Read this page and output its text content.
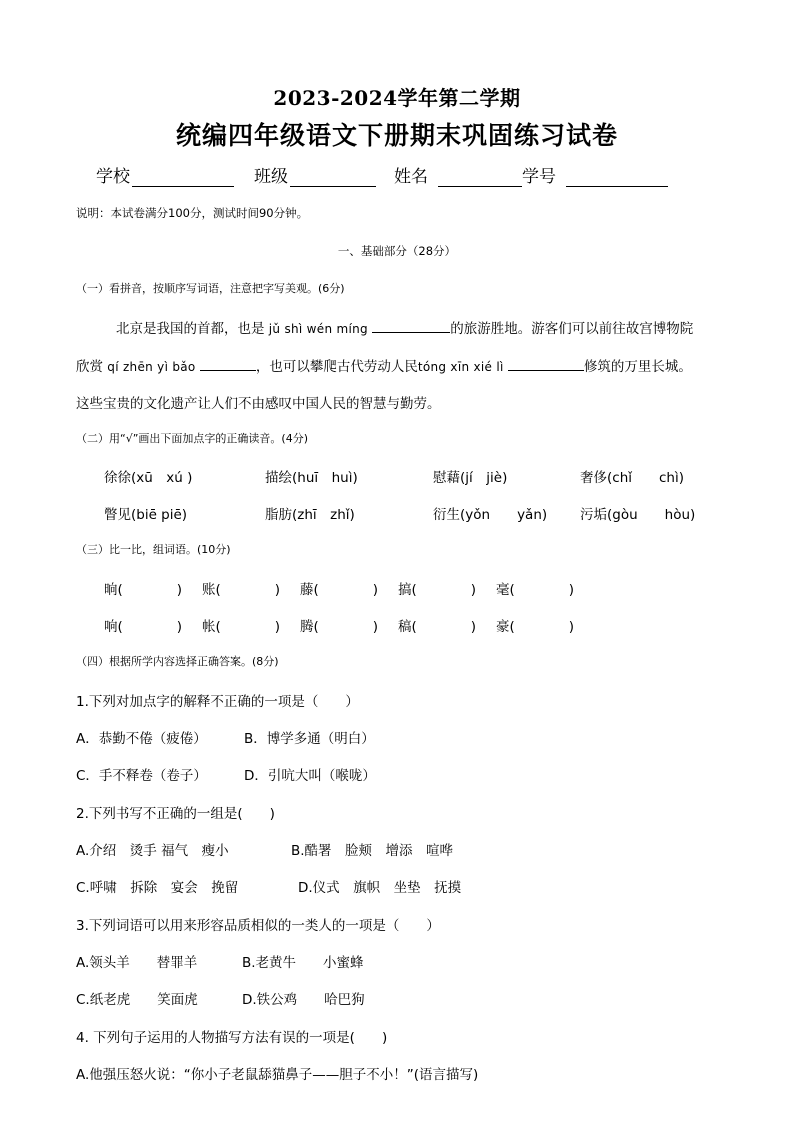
2023-2024学年第二学期
统编四年级语文下册期末巩固练习试卷
学校	班级	姓名	学号
说明：本试卷满分100分，测试时间90分钟。
一、基础部分（28分）
（一）看拼音，按顺序写词语，注意把字写美观。(6分)
北京是我国的首都，也是 jǔ shì wén míng	的旅游胜地。游客们可以前往故宫博物院
欣赏 qí zhēn yì bǎo	，也可以攀爬古代劳动人民tóng xīn xié lì	修筑的万里长城。
这些宝贵的文化遗产让人们不由感叹中国人民的智慧与勤劳。
（二）用“√”画出下面加点字的正确读音。(4分)
徐徐(xū　xú )	描绘(huī　huì)	慰藉(jí　jiè)	奢侈(chǐ　　chì)
瞥见(biē piē)	脂肪(zhī　zhǐ)	衍生(yǒn　　yǎn) 污垢(gòu　　hòu)
（三）比一比，组词语。(10分)
晌(　　　　) 账(　　　　) 藤(　　　　) 搞(　　　　) 毫(　　　　)
响(　　　　) 帐(　　　　) 腾(　　　　) 稿(　　　　) 豪(　　　　)
（四）根据所学内容选择正确答案。(8分)
1.下列对加点字的解释不正确的一项是（　　）
A．恭勤不倦（疲倦）	B．博学多通（明白）
C．手不释卷（卷子）	D．引吭大叫（喉咙）
2.下列书写不正确的一组是(　　)
A.介绍　烫手 福气　瘦小	B.酷署　脸颊　增添　喧哗
C.呼啸　拆除　宴会　挽留	D.仪式　旗帜　坐垫　抚摸
3.下列词语可以用来形容品质相似的一类人的一项是（　　）
A.领头羊　　替罪羊	B.老黄牛　　小蜜蜂
C.纸老虎　　笑面虎	D.铁公鸡　　哈巴狗
4. 下列句子运用的人物描写方法有误的一项是(　　)
A.他强压怒火说：“你小子老鼠舔猫鼻子——胆子不小！”(语言描写)
